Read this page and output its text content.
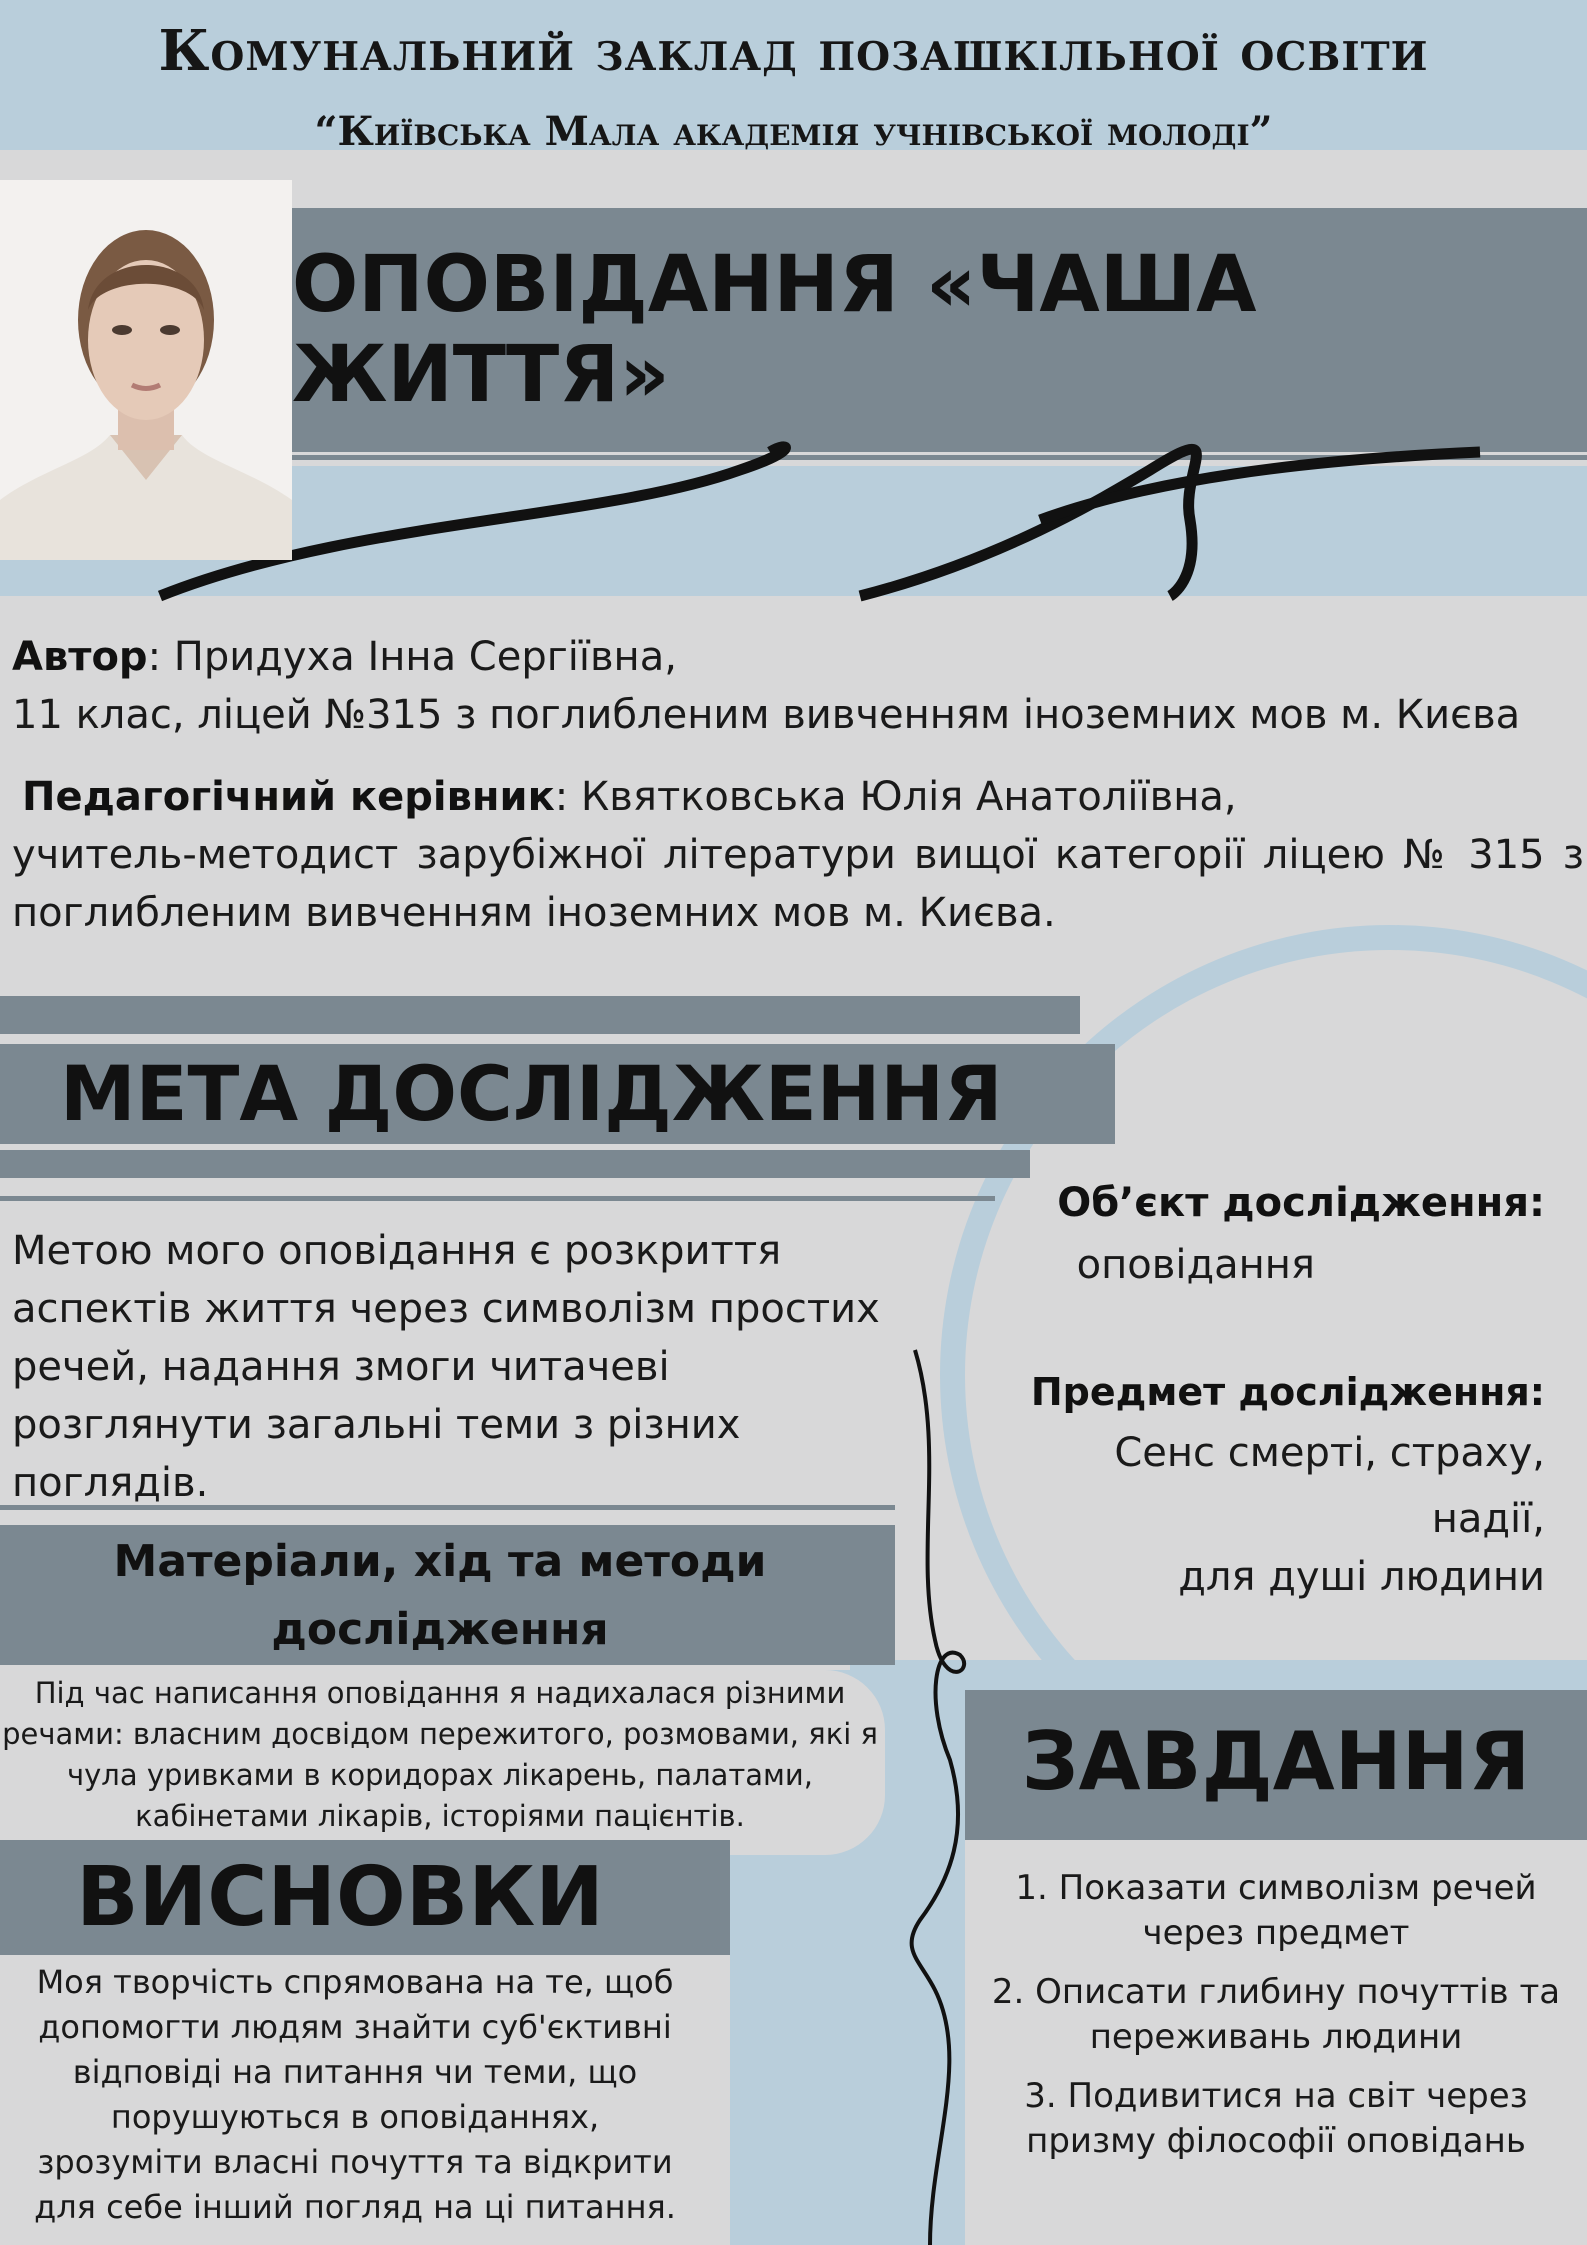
Комунальний заклад позашкільної освіти
“Київська Мала академія учнівської молоді”
ОПОВІДАННЯ «ЧАША ЖИТТЯ»
Автор: Придуха Інна Сергіївна,
11 клас, ліцей №315 з поглибленим вивченням іноземних мов м. Києва
Педагогічний керівник: Квятковська Юлія Анатоліївна,
учитель-методист зарубіжної літератури вищої категорії ліцею № 315 з поглибленим вивченням іноземних мов м. Києва.
МЕТА ДОСЛІДЖЕННЯ
Метою мого оповідання є розкриття аспектів життя через символізм простих речей, надання змоги читачеві розглянути загальні теми з різних поглядів.
Об’єкт дослідження:
оповідання
Предмет дослідження:
Сенс смерті, страху,
надії,
для душі людини
Матеріали, хід та методи
дослідження
Під час написання оповідання я надихалася різними речами: власним досвідом пережитого, розмовами, які я чула уривками в коридорах лікарень, палатами, кабінетами лікарів, історіями пацієнтів.
ЗАВДАННЯ
1. Показати символізм речей
через предмет
2. Описати глибину почуттів та
переживань людини
3. Подивитися на світ через
призму філософії оповідань
ВИСНОВКИ
Моя творчість спрямована на те, щоб допомогти людям знайти суб'єктивні відповіді на питання чи теми, що порушуються в оповіданнях, зрозуміти власні почуття та відкрити для себе інший погляд на ці питання.
